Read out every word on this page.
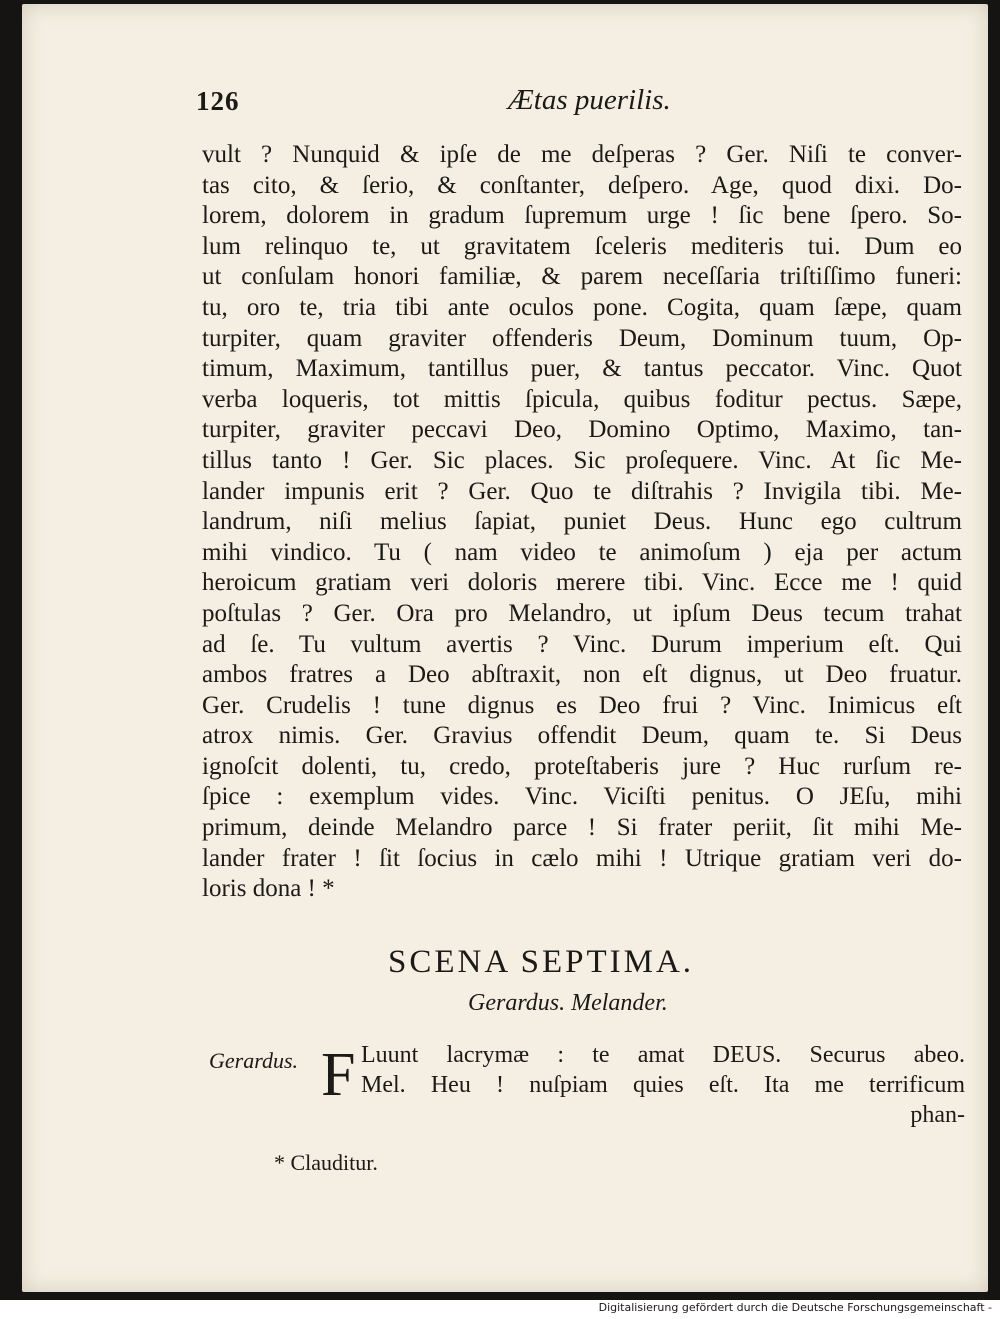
126	Ætas puerilis.
vult ? Nunquid & ipſe de me deſperas ? Ger. Niſi te conver-
tas cito, & ſerio, & conſtanter, deſpero. Age, quod dixi. Do-
lorem, dolorem in gradum ſupremum urge ! ſic bene ſpero. So-
lum relinquo te, ut gravitatem ſceleris mediteris tui. Dum eo
ut conſulam honori familiæ, & parem neceſſaria triſtiſſimo funeri:
tu, oro te, tria tibi ante oculos pone. Cogita, quam ſæpe, quam
turpiter, quam graviter offenderis Deum, Dominum tuum, Op-
timum, Maximum, tantillus puer, & tantus peccator. Vinc. Quot
verba loqueris, tot mittis ſpicula, quibus foditur pectus. Sæpe,
turpiter, graviter peccavi Deo, Domino Optimo, Maximo, tan-
tillus tanto ! Ger. Sic places. Sic proſequere. Vinc. At ſic Me-
lander impunis erit ? Ger. Quo te diſtrahis ? Invigila tibi. Me-
landrum, niſi melius ſapiat, puniet Deus. Hunc ego cultrum
mihi vindico. Tu ( nam video te animoſum ) eja per actum
heroicum gratiam veri doloris merere tibi. Vinc. Ecce me ! quid
poſtulas ? Ger. Ora pro Melandro, ut ipſum Deus tecum trahat
ad ſe. Tu vultum avertis ? Vinc. Durum imperium eſt. Qui
ambos fratres a Deo abſtraxit, non eſt dignus, ut Deo fruatur.
Ger. Crudelis ! tune dignus es Deo frui ? Vinc. Inimicus eſt
atrox nimis. Ger. Gravius offendit Deum, quam te. Si Deus
ignoſcit dolenti, tu, credo, proteſtaberis jure ? Huc rurſum re-
ſpice : exemplum vides. Vinc. Viciſti penitus. O JEſu, mihi
primum, deinde Melandro parce ! Si frater periit, ſit mihi Me-
lander frater ! ſit ſocius in cælo mihi ! Utrique gratiam veri do-
loris dona ! *
SCENA SEPTIMA.
Gerardus. Melander.
Gerardus. F Luunt lacrymæ : te amat DEUS. Securus abeo.
Mel. Heu ! nuſpiam quies eſt. Ita me terrificum
phan-
* Clauditur.
Digitalisierung gefördert durch die Deutsche Forschungsgemeinschaft -
